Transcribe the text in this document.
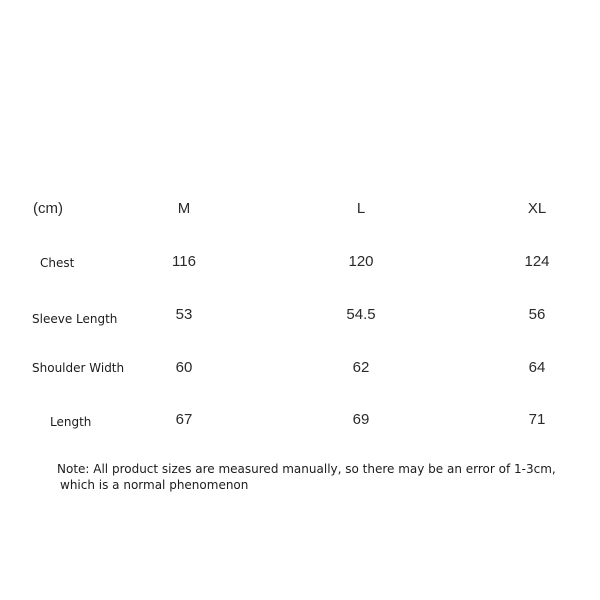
(cm)	M	L	XL
Chest	116	120	124
Sleeve Length	53	54.5	56
Shoulder Width	60	62	64
Length	67	69	71
Note: All product sizes are measured manually, so there may be an error of 1-3cm,
which is a normal phenomenon
